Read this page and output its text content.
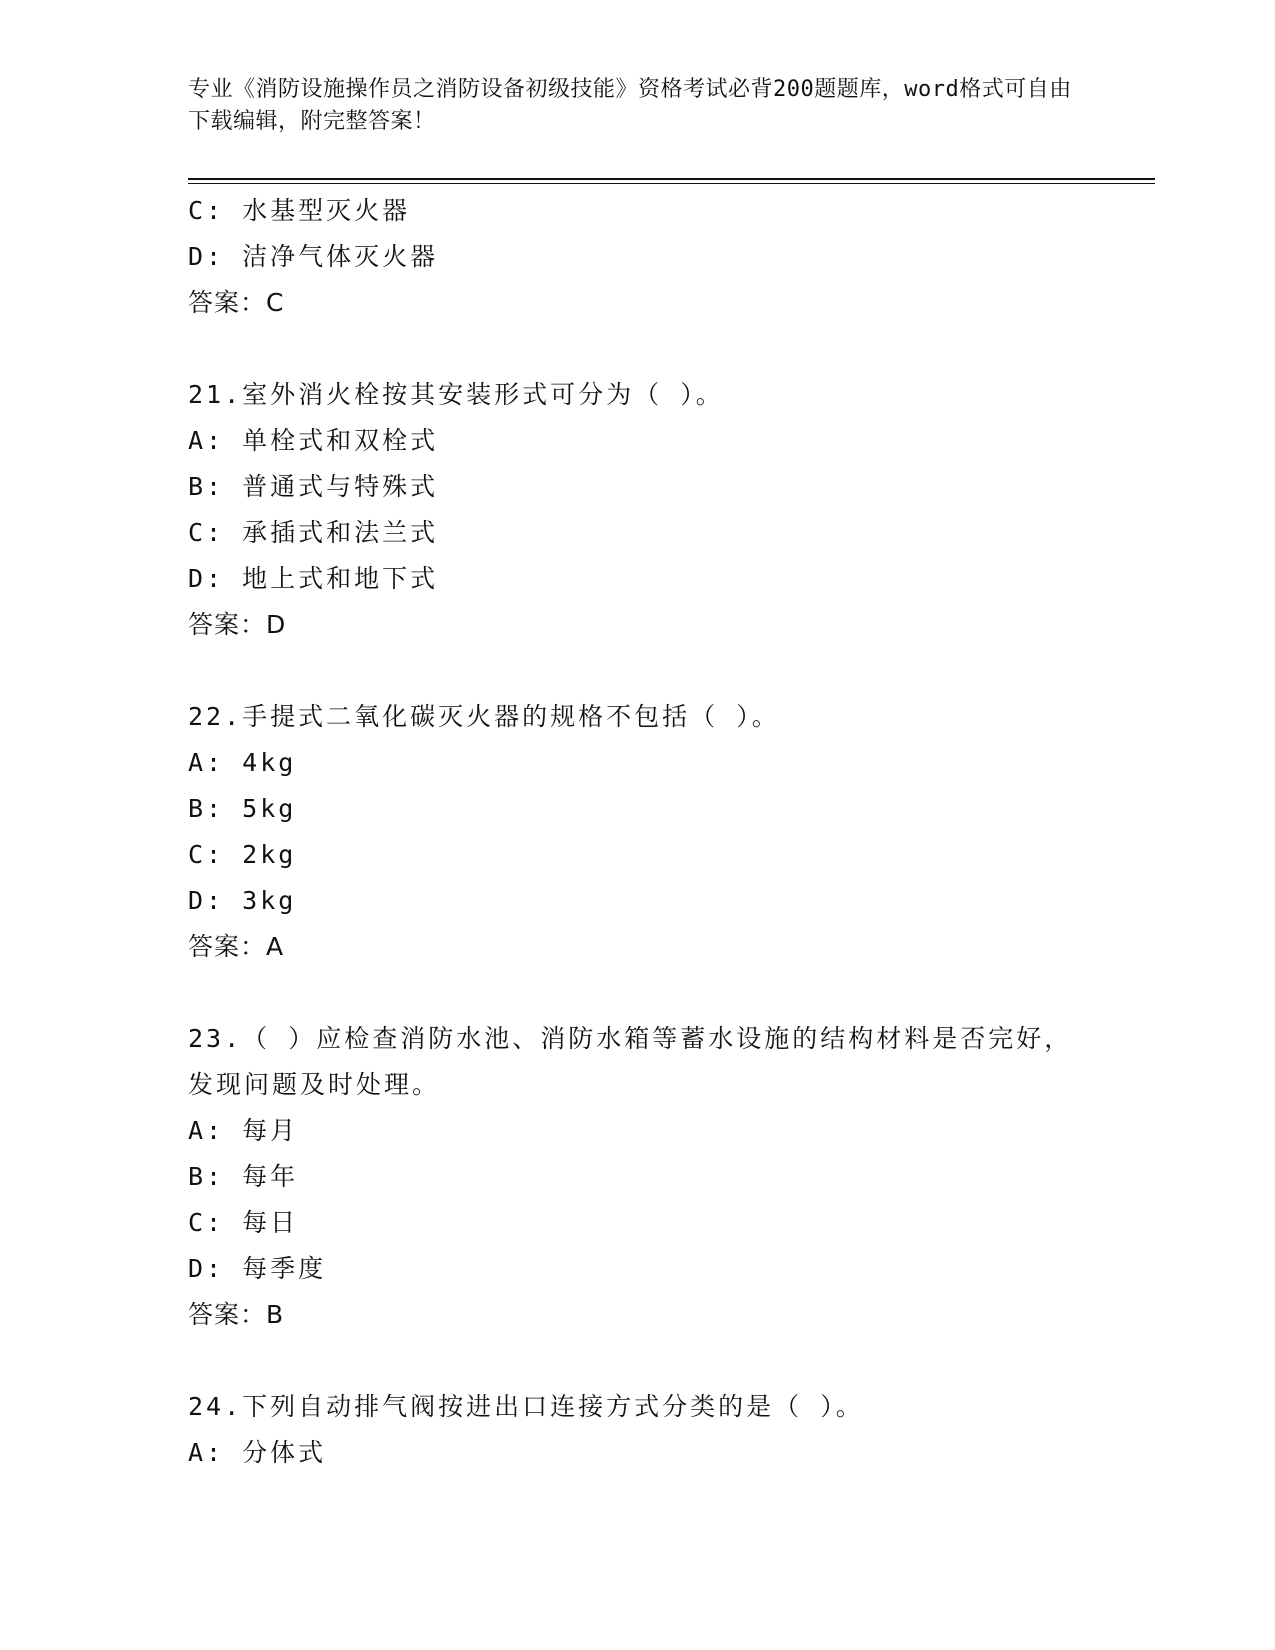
专业《消防设施操作员之消防设备初级技能》资格考试必背200题题库，word格式可自由下载编辑，附完整答案！
C: 水基型灭火器
D: 洁净气体灭火器
答案：C
21.室外消火栓按其安装形式可分为（ ）。
A: 单栓式和双栓式
B: 普通式与特殊式
C: 承插式和法兰式
D: 地上式和地下式
答案：D
22.手提式二氧化碳灭火器的规格不包括（ ）。
A: 4kg
B: 5kg
C: 2kg
D: 3kg
答案：A
23.（ ）应检查消防水池、消防水箱等蓄水设施的结构材料是否完好，发现问题及时处理。
A: 每月
B: 每年
C: 每日
D: 每季度
答案：B
24.下列自动排气阀按进出口连接方式分类的是（ ）。
A: 分体式
